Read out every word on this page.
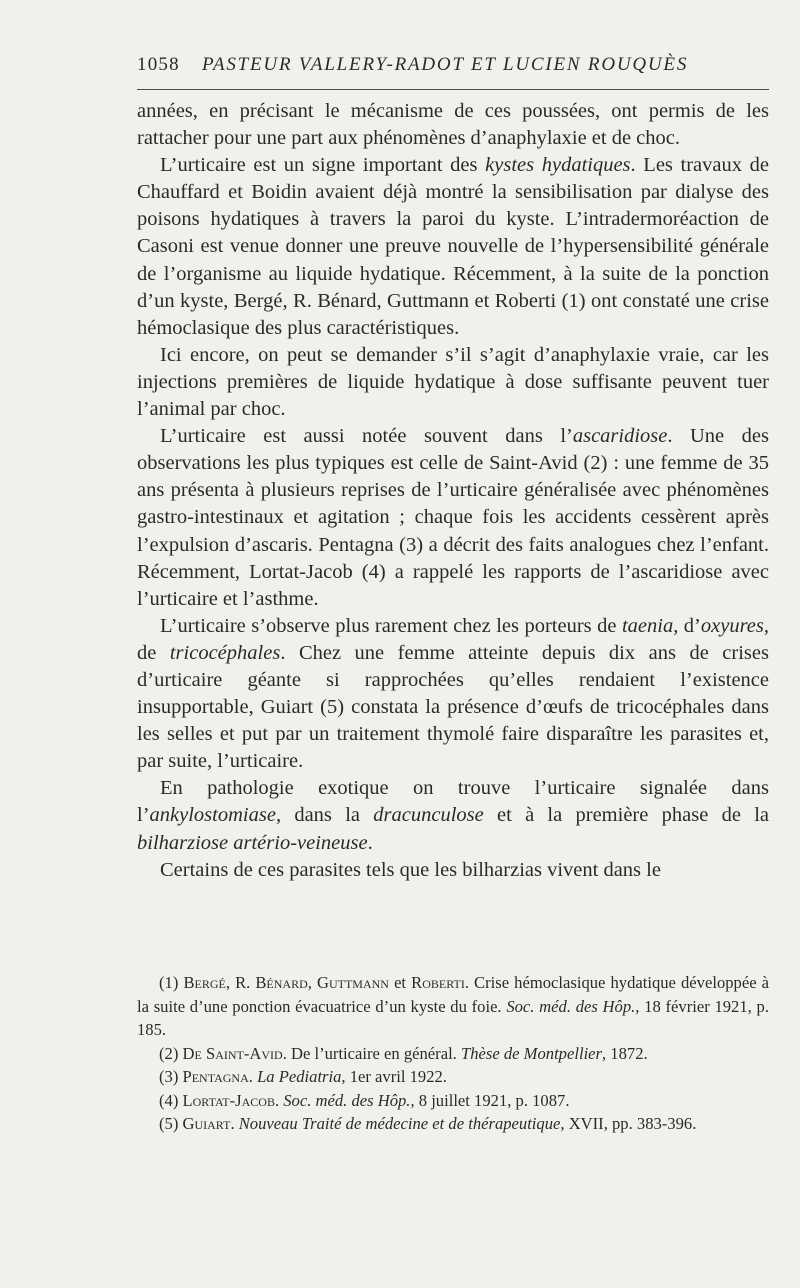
1058 PASTEUR VALLERY-RADOT ET LUCIEN ROUQUÈS

années, en précisant le mécanisme de ces poussées, ont permis de les rattacher pour une part aux phénomènes d’anaphylaxie et de choc.

L’urticaire est un signe important des kystes hydatiques. Les travaux de Chauffard et Boidin avaient déjà montré la sensibilisation par dialyse des poisons hydatiques à travers la paroi du kyste. L’intradermoréaction de Casoni est venue donner une preuve nouvelle de l’hypersensibilité générale de l’organisme au liquide hydatique. Récemment, à la suite de la ponction d’un kyste, Bergé, R. Bénard, Guttmann et Roberti (1) ont constaté une crise hémoclasique des plus caractéristiques.

Ici encore, on peut se demander s’il s’agit d’anaphylaxie vraie, car les injections premières de liquide hydatique à dose suffisante peuvent tuer l’animal par choc.

L’urticaire est aussi notée souvent dans l’ascaridiose. Une des observations les plus typiques est celle de Saint-Avid (2) : une femme de 35 ans présenta à plusieurs reprises de l’urticaire généralisée avec phénomènes gastro-intestinaux et agitation ; chaque fois les accidents cessèrent après l’expulsion d’ascaris. Pentagna (3) a décrit des faits analogues chez l’enfant. Récemment, Lortat-Jacob (4) a rappelé les rapports de l’ascaridiose avec l’urticaire et l’asthme.

L’urticaire s’observe plus rarement chez les porteurs de taenia, d’oxyures, de tricocéphales. Chez une femme atteinte depuis dix ans de crises d’urticaire géante si rapprochées qu’elles rendaient l’existence insupportable, Guiart (5) constata la présence d’œufs de tricocéphales dans les selles et put par un traitement thymolé faire disparaître les parasites et, par suite, l’urticaire.

En pathologie exotique on trouve l’urticaire signalée dans l’ankylostomiase, dans la dracunculose et à la première phase de la bilharziose artério-veineuse.

Certains de ces parasites tels que les bilharzias vivent dans le

(1) Bergé, R. Bénard, Guttmann et Roberti. Crise hémoclasique hydatique développée à la suite d’une ponction évacuatrice d’un kyste du foie. Soc. méd. des Hôp., 18 février 1921, p. 185.

(2) De Saint-Avid. De l’urticaire en général. Thèse de Montpellier, 1872.

(3) Pentagna. La Pediatria, 1er avril 1922.

(4) Lortat-Jacob. Soc. méd. des Hôp., 8 juillet 1921, p. 1087.

(5) Guiart. Nouveau Traité de médecine et de thérapeutique, XVII, pp. 383-396.
